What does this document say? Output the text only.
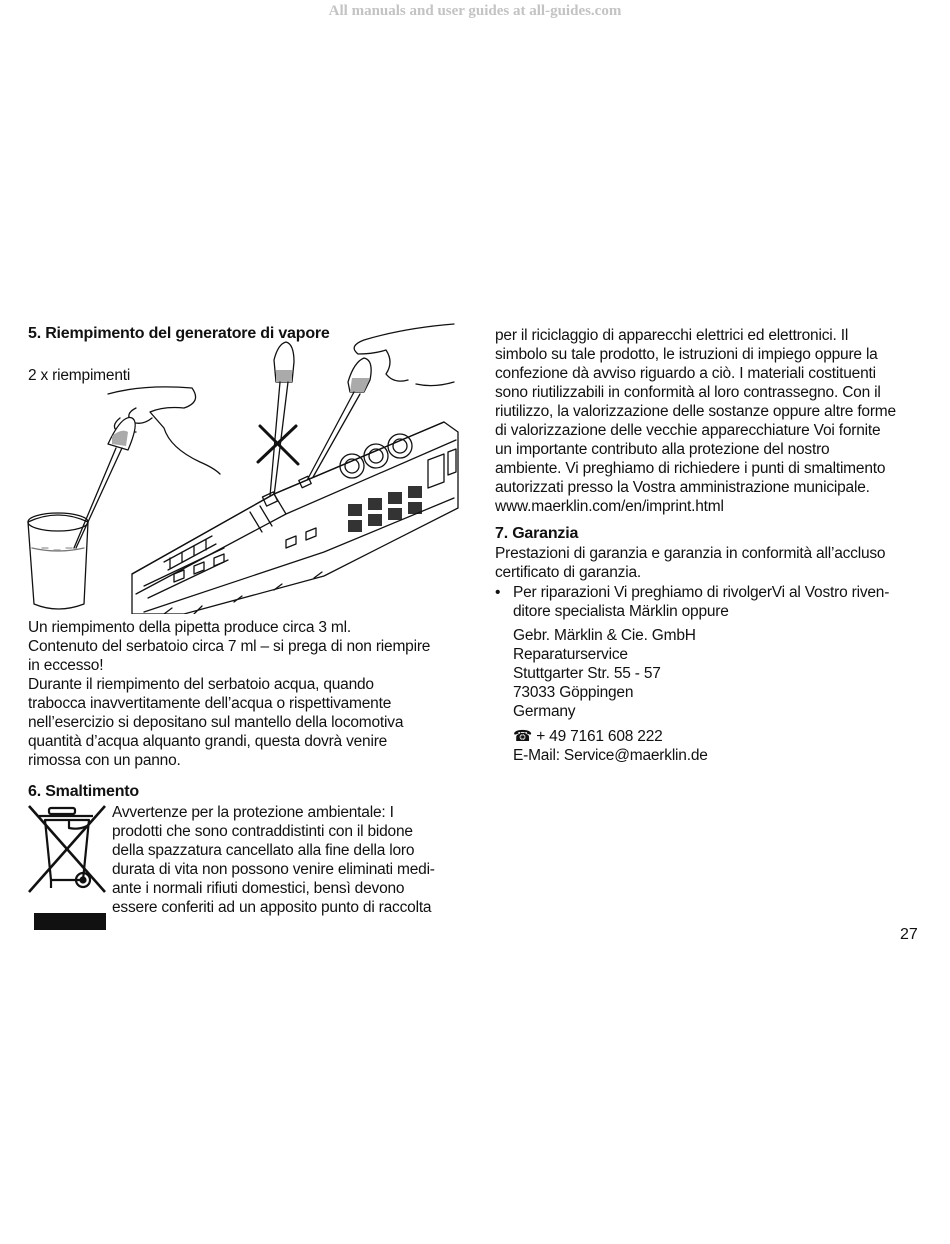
All manuals and user guides at all-guides.com

5. Riempimento del generatore di vapore

2 x riempimenti

Un riempimento della pipetta produce circa 3 ml.

Contenuto del serbatoio circa 7 ml – si prega di non riempire
in eccesso!

Durante il riempimento del serbatoio acqua, quando
trabocca inavvertitamente dell’acqua o rispettivamente
nell’esercizio si depositano sul mantello della locomotiva
quantità d’acqua alquanto grandi, questa dovrà venire
rimossa con un panno.

6. Smaltimento

Avvertenze per la protezione ambientale: I
prodotti che sono contraddistinti con il bidone
della spazzatura cancellato alla fine della loro
durata di vita non possono venire eliminati medi-
ante i normali rifiuti domestici, bensì devono
essere conferiti ad un apposito punto di raccolta
per il riciclaggio di apparecchi elettrici ed elettronici. Il
simbolo su tale prodotto, le istruzioni di impiego oppure la
confezione dà avviso riguardo a ciò. I materiali costituenti
sono riutilizzabili in conformità al loro contrassegno. Con il
riutilizzo, la valorizzazione delle sostanze oppure altre forme
di valorizzazione delle vecchie apparecchiature Voi fornite
un importante contributo alla protezione del nostro
ambiente. Vi preghiamo di richiedere i punti di smaltimento
autorizzati presso la Vostra amministrazione municipale.
www.maerklin.com/en/imprint.html

7. Garanzia

Prestazioni di garanzia e garanzia in conformità all’accluso
certificato di garanzia.

• Per riparazioni Vi preghiamo di rivolgerVi al Vostro riven-
ditore specialista Märklin oppure

Gebr. Märklin & Cie. GmbH
Reparaturservice
Stuttgarter Str. 55 - 57
73033 Göppingen
Germany

☎ + 49 7161 608 222
E-Mail: Service@maerklin.de

27
